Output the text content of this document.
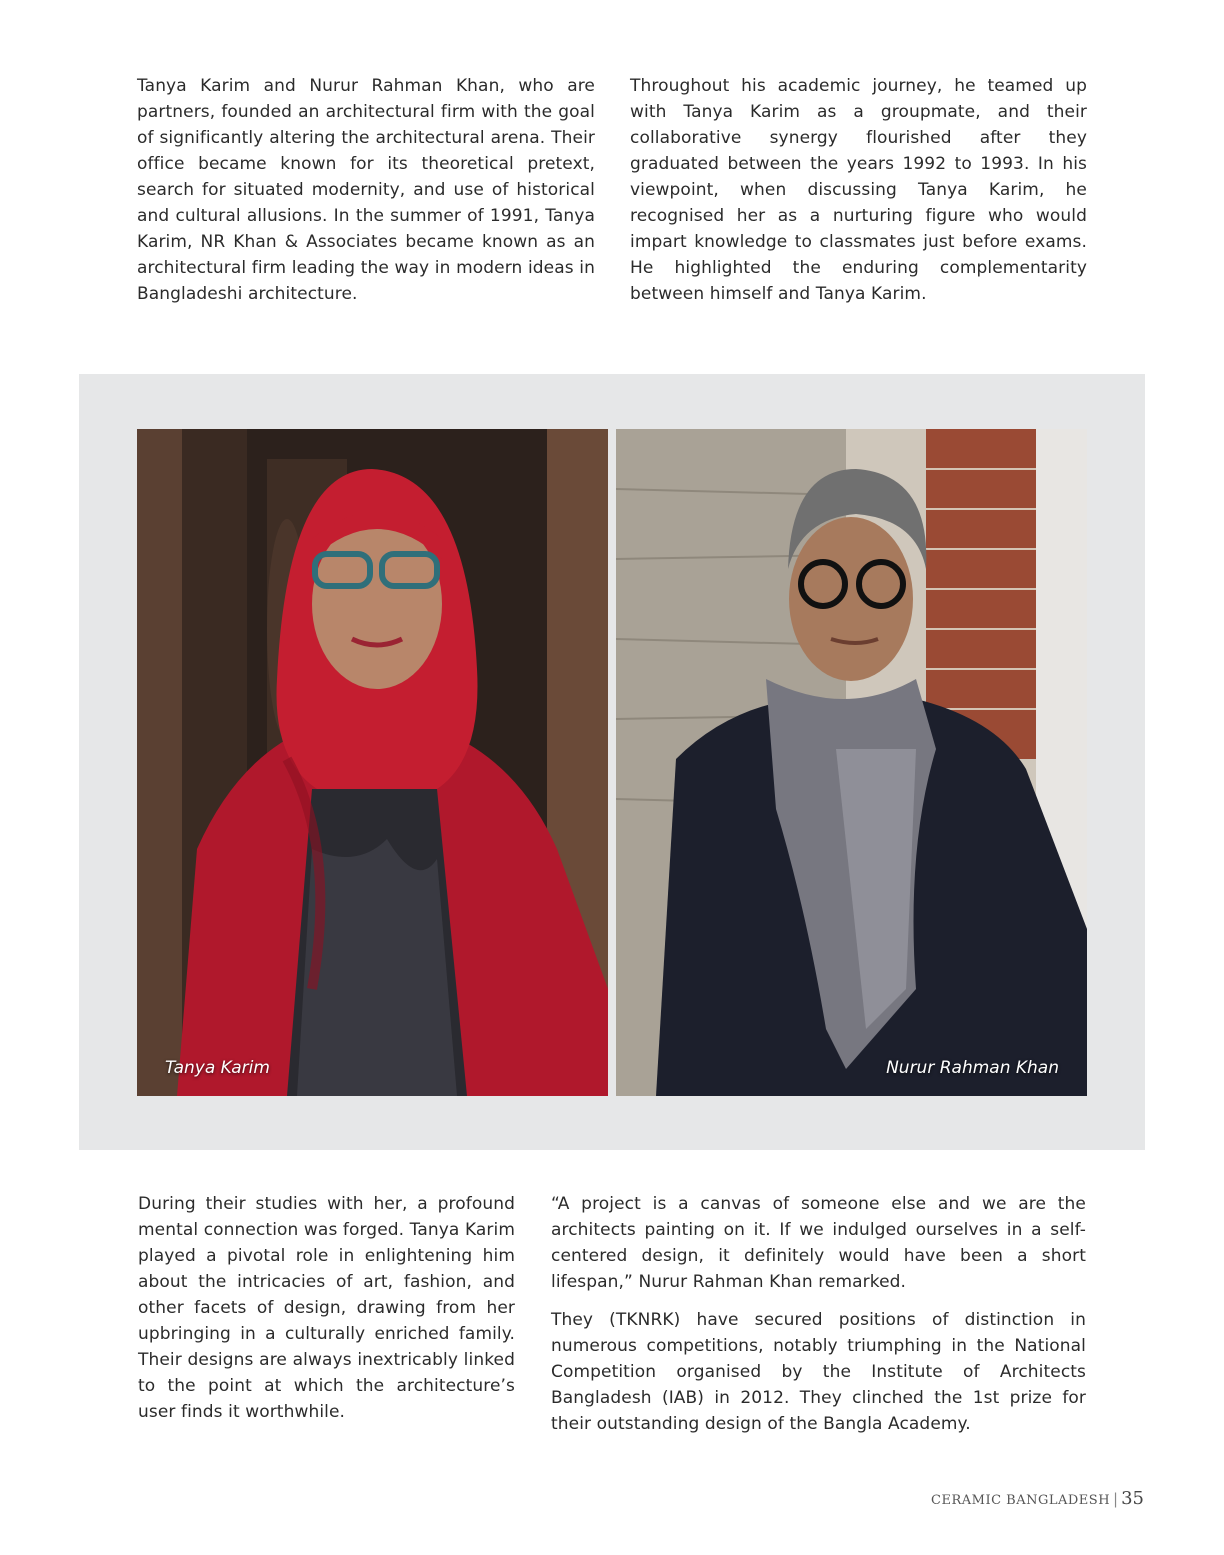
Tanya Karim and Nurur Rahman Khan, who are partners, founded an architectural firm with the goal of significantly altering the architectural arena. Their office became known for its theoretical pretext, search for situated modernity, and use of historical and cultural allusions. In the summer of 1991, Tanya Karim, NR Khan & Associates became known as an architectural firm leading the way in modern ideas in Bangladeshi architecture.

Throughout his academic journey, he teamed up with Tanya Karim as a groupmate, and their collaborative synergy flourished after they graduated between the years 1992 to 1993. In his viewpoint, when discussing Tanya Karim, he recognised her as a nurturing figure who would impart knowledge to classmates just before exams. He highlighted the enduring complementarity between himself and Tanya Karim.

Tanya Karim	Nurur Rahman Khan

During their studies with her, a profound mental connection was forged. Tanya Karim played a pivotal role in enlightening him about the intricacies of art, fashion, and other facets of design, drawing from her upbringing in a culturally enriched family. Their designs are always inextricably linked to the point at which the architecture’s user finds it worthwhile.

“A project is a canvas of someone else and we are the architects painting on it. If we indulged ourselves in a self-centered design, it definitely would have been a short lifespan,” Nurur Rahman Khan remarked.

They (TKNRK) have secured positions of distinction in numerous competitions, notably triumphing in the National Competition organised by the Institute of Architects Bangladesh (IAB) in 2012. They clinched the 1st prize for their outstanding design of the Bangla Academy.

CERAMIC BANGLADESH | 35
